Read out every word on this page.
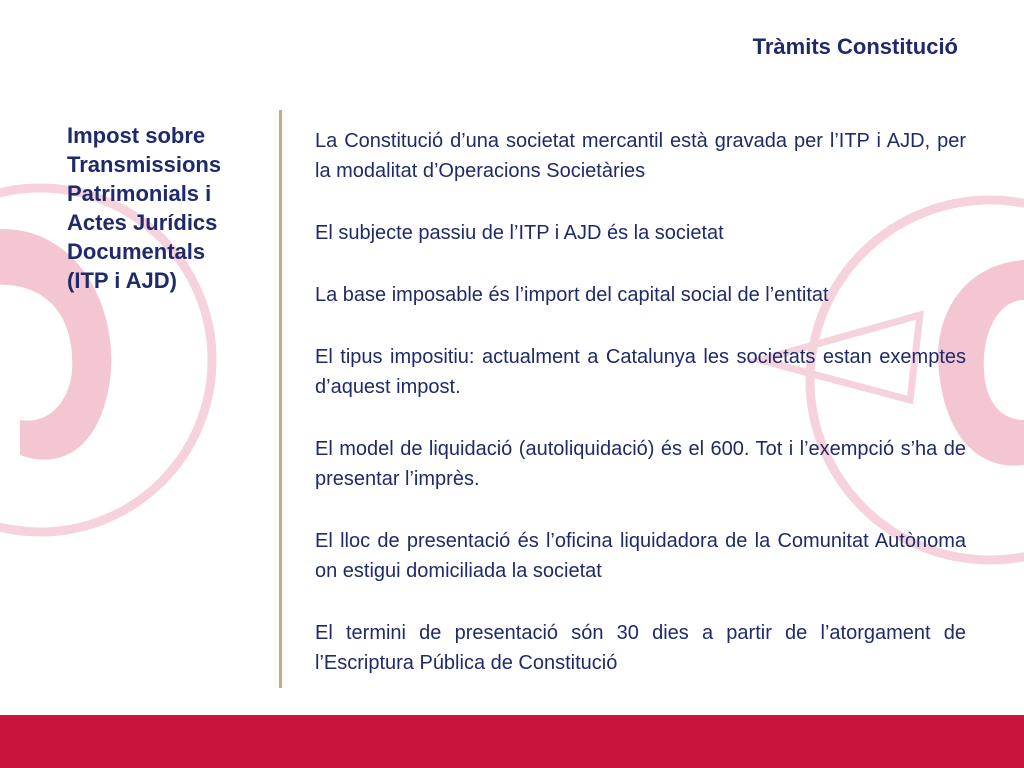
Tràmits Constitució
Impost sobre
Transmissions
Patrimonials i
Actes Jurídics
Documentals
(ITP i AJD)

La Constitució d’una societat mercantil està gravada per l’ITP i AJD, per la modalitat d’Operacions Societàries

El subjecte passiu de l’ITP i AJD és la societat

La base imposable és l’import del capital social de l’entitat

El tipus impositiu: actualment a Catalunya les societats estan exemptes d’aquest impost.

El model de liquidació (autoliquidació) és el 600. Tot i l’exempció s’ha de presentar l’imprès.

El lloc de presentació és l’oficina liquidadora de la Comunitat Autònoma on estigui domiciliada la societat

El termini de presentació són 30 dies a partir de l’atorgament de l’Escriptura Pública de Constitució
